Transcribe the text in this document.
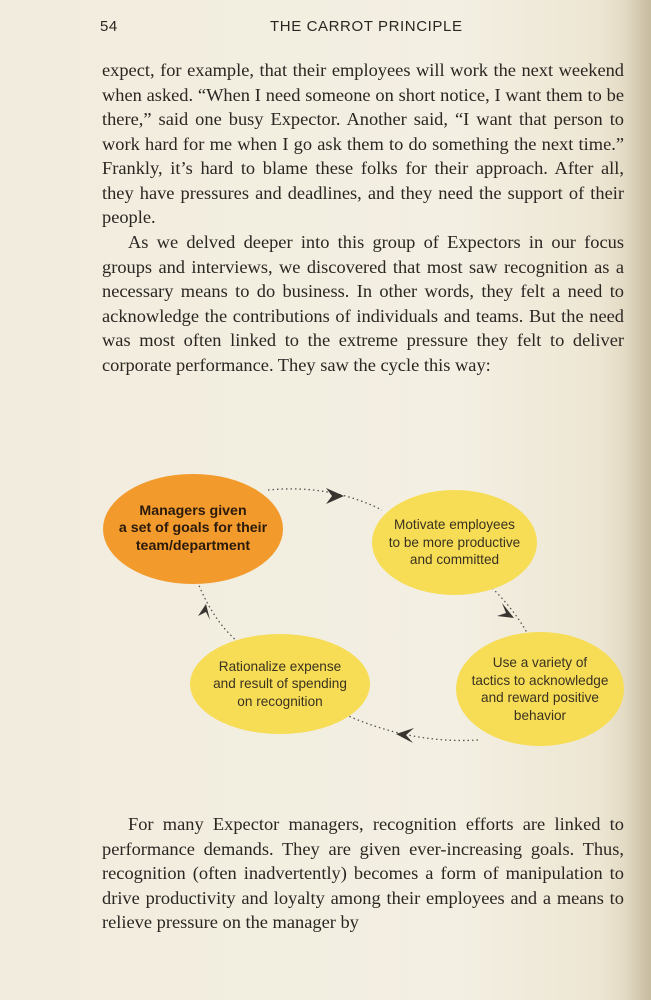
54	THE CARROT PRINCIPLE

expect, for example, that their employees will work the next weekend when asked. “When I need someone on short notice, I want them to be there,” said one busy Expector. Another said, “I want that person to work hard for me when I go ask them to do something the next time.” Frankly, it’s hard to blame these folks for their approach. After all, they have pressures and deadlines, and they need the support of their people.

As we delved deeper into this group of Expectors in our focus groups and interviews, we discovered that most saw recognition as a necessary means to do business. In other words, they felt a need to acknowledge the contributions of individuals and teams. But the need was most often linked to the extreme pressure they felt to deliver corporate performance. They saw the cycle this way:

Managers given
a set of goals for their
team/department
Motivate employees
to be more productive
and committed
Use a variety of
tactics to acknowledge
and reward positive
behavior
Rationalize expense
and result of spending
on recognition

For many Expector managers, recognition efforts are linked to performance demands. They are given ever-increasing goals. Thus, recognition (often inadvertently) becomes a form of manipulation to drive productivity and loyalty among their employees and a means to relieve pressure on the manager by
